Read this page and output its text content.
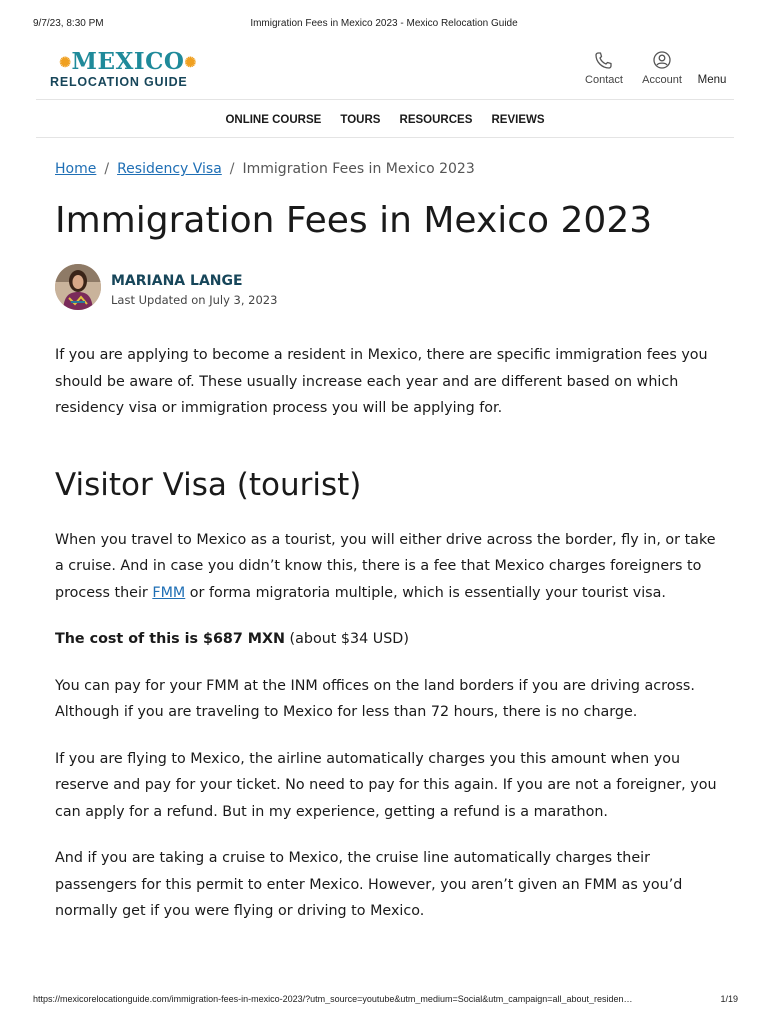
9/7/23, 8:30 PM	Immigration Fees in Mexico 2023 - Mexico Relocation Guide
✺MEXICO✺
RELOCATION GUIDE	Contact	Account	Menu
ONLINE COURSE TOURS RESOURCES REVIEWS
Home / Residency Visa / Immigration Fees in Mexico 2023
Immigration Fees in Mexico 2023
MARIANA LANGE
Last Updated on July 3, 2023

If you are applying to become a resident in Mexico, there are specific immigration fees you should be aware of. These usually increase each year and are different based on which residency visa or immigration process you will be applying for.

Visitor Visa (tourist)

When you travel to Mexico as a tourist, you will either drive across the border, fly in, or take a cruise. And in case you didn’t know this, there is a fee that Mexico charges foreigners to process their FMM or forma migratoria multiple, which is essentially your tourist visa.

The cost of this is $687 MXN (about $34 USD)

You can pay for your FMM at the INM offices on the land borders if you are driving across. Although if you are traveling to Mexico for less than 72 hours, there is no charge.

If you are flying to Mexico, the airline automatically charges you this amount when you reserve and pay for your ticket. No need to pay for this again. If you are not a foreigner, you can apply for a refund. But in my experience, getting a refund is a marathon.

And if you are taking a cruise to Mexico, the cruise line automatically charges their passengers for this permit to enter Mexico. However, you aren’t given an FMM as you’d normally get if you were flying or driving to Mexico.

https://mexicorelocationguide.com/immigration-fees-in-mexico-2023/?utm_source=youtube&utm_medium=Social&utm_campaign=all_about_residen…	1/19
